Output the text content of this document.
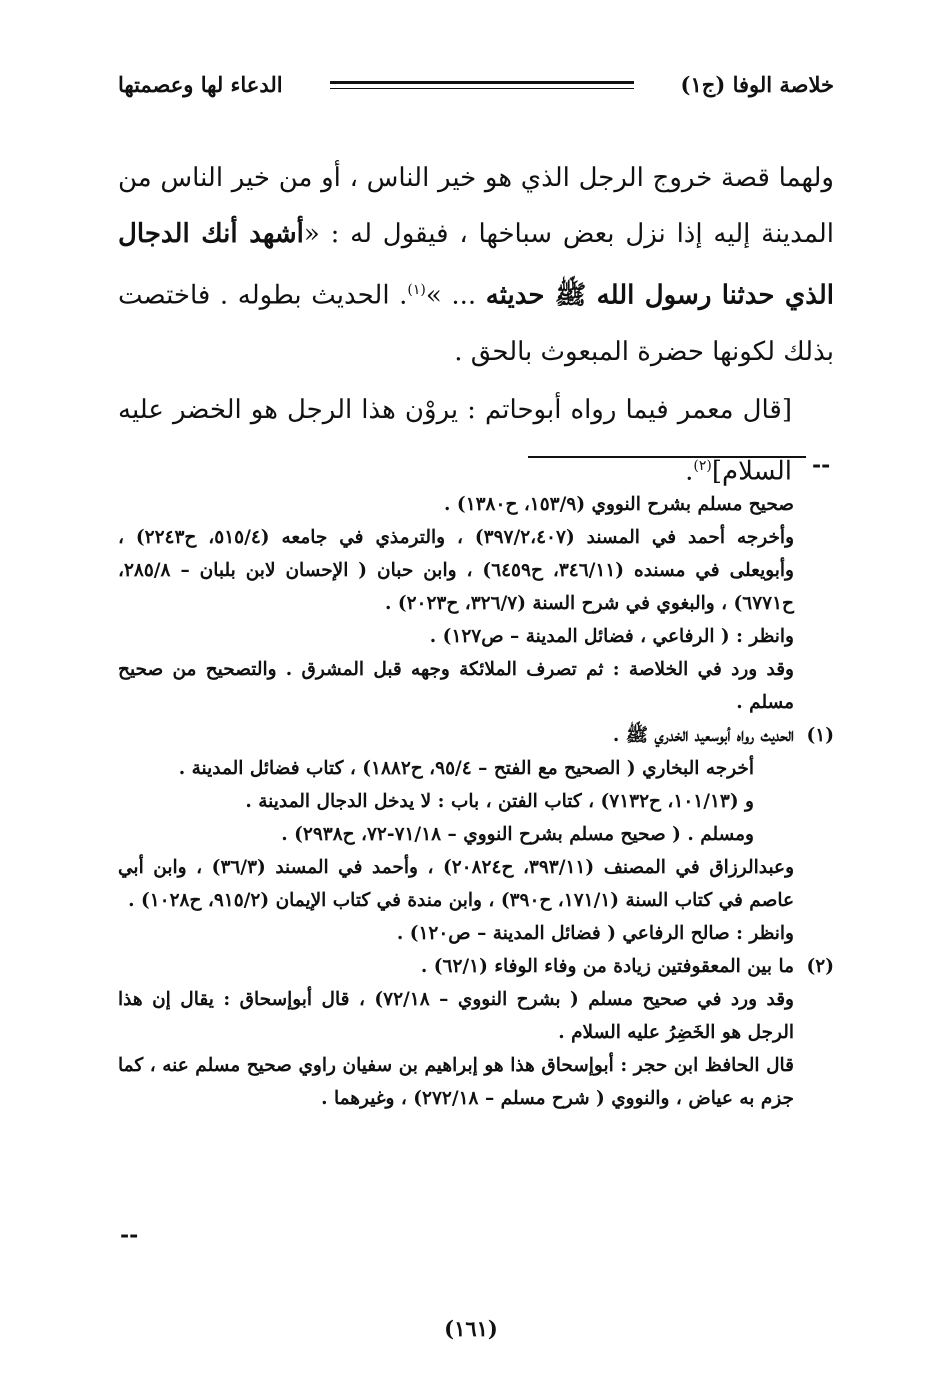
خلاصة الوفا (ج١)
الدعاء لها وعصمتها

ولهما قصة خروج الرجل الذي هو خير الناس ، أو من خير الناس من المدينة إليه إذا نزل بعض سباخها ، فيقول له : «أشهد أنك الدجال الذي حدثنا رسول الله ﷺ حديثه ... »$^{(١)}$. الحديث بطوله . فاختصت بذلك لكونها حضرة المبعوث بالحق .

[قال معمر فيما رواه أبوحاتم : يروْن هذا الرجل هو الخضر عليه السلام]$^{(٢)}$.	--

صحيح مسلم بشرح النووي (١٥٣/٩، ح١٣٨٠) .

وأخرجه أحمد في المسند (٣٩٧/٢،٤٠٧) ، والترمذي في جامعه (٥١٥/٤، ح٢٢٤٣) ، وأبويعلى في مسنده (٣٤٦/١١، ح٦٤٥٩) ، وابن حبان ( الإحسان لابن بلبان – ٢٨٥/٨، ح٦٧٧١) ، والبغوي في شرح السنة (٣٢٦/٧، ح٢٠٢٣) .

وانظر : ( الرفاعي ، فضائل المدينة – ص١٢٧) .

وقد ورد في الخلاصة : ثم تصرف الملائكة وجهه قبل المشرق . والتصحيح من صحيح مسلم .

(١)

الحديث رواه أبوسعيد الخدري ﷺ .

أخرجه البخاري ( الصحيح مع الفتح – ٩٥/٤، ح١٨٨٢) ، كتاب فضائل المدينة .

و (١٠١/١٣، ح٧١٣٢) ، كتاب الفتن ، باب : لا يدخل الدجال المدينة .

ومسلم . ( صحيح مسلم بشرح النووي – ٧١/١٨-٧٢، ح٢٩٣٨) .

وعبدالرزاق في المصنف (٣٩٣/١١، ح٢٠٨٢٤) ، وأحمد في المسند (٣٦/٣) ، وابن أبي عاصم في كتاب السنة (١٧١/١، ح٣٩٠) ، وابن مندة في كتاب الإيمان (٩١٥/٢، ح١٠٢٨) .

وانظر : صالح الرفاعي ( فضائل المدينة – ص١٢٠) .

(٢)

ما بين المعقوفتين زيادة من وفاء الوفاء (٦٢/١) .

وقد ورد في صحيح مسلم ( بشرح النووي – ٧٢/١٨) ، قال أبوإسحاق : يقال إن هذا الرجل هو الخَضِرُ عليه السلام .

قال الحافظ ابن حجر : أبوإسحاق هذا هو إبراهيم بن سفيان راوي صحيح مسلم عنه ، كما جزم به عياض ، والنووي ( شرح مسلم – ٢٧٢/١٨) ، وغيرهما .

--
(١٦١)
